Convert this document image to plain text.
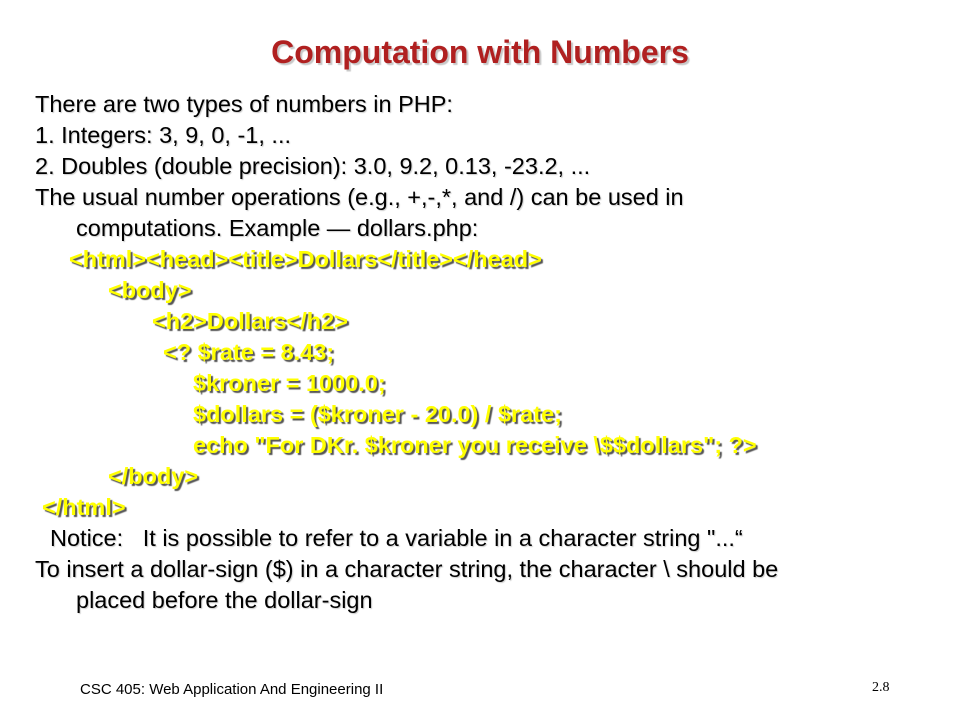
Computation with Numbers
There are two types of numbers in PHP:
1. Integers: 3, 9, 0, -1, ...
2. Doubles (double precision): 3.0, 9.2, 0.13, -23.2, ...
The usual number operations (e.g., +,-,*, and /) can be used in
computations. Example — dollars.php:
<html><head><title>Dollars</title></head>
<body>
<h2>Dollars</h2>
<? $rate = 8.43;
$kroner = 1000.0;
$dollars = ($kroner - 20.0) / $rate;
echo "For DKr. $kroner you receive \$$dollars"; ?>
</body>
</html>
Notice:   It is possible to refer to a variable in a character string "...“
To insert a dollar-sign ($) in a character string, the character \ should be
placed before the dollar-sign
CSC 405: Web Application And Engineering II	2.8
